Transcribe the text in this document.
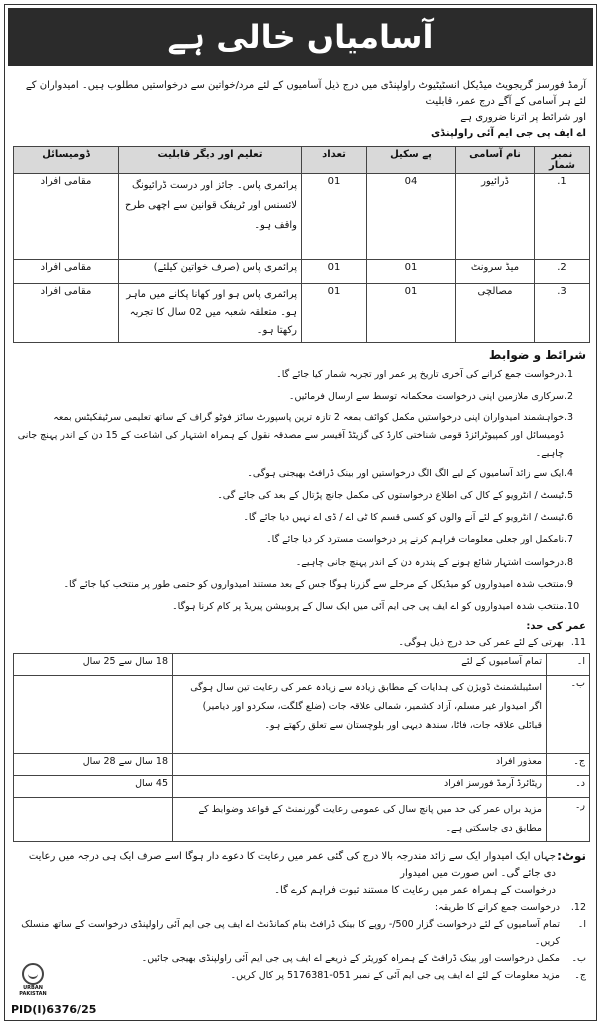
آسامیاں خالی ہے
آرمڈ فورسز گریجویٹ میڈیکل انسٹیٹیوٹ راولپنڈی میں درج ذیل آسامیوں کے لئے مرد/خواتین سے درخواستیں مطلوب ہیں۔ امیدواران کے لئے ہر آسامی کے آگے درج عمر، قابلیت
اور شرائط پر اترنا ضروری ہے
اے ایف پی جی ایم آئی راولپنڈی
نمبر شمار	نام آسامی	پے سکیل	تعداد	تعلیم اور دیگر قابلیت	ڈومیسائل
1.	ڈرائیور	04	01	پرائمری پاس۔ جائز اور درست ڈرائیونگ لائسنس اور ٹریفک قوانین سے اچھی طرح واقف ہو۔	مقامی افراد
2.	میڈ سرونٹ	01	01	پرائمری پاس (صرف خواتین کیلئے)	مقامی افراد
3.	مصالچی	01	01	پرائمری پاس ہو اور کھانا پکانے میں ماہر ہو۔ متعلقہ شعبہ میں 02 سال کا تجربہ رکھتا ہو۔	مقامی افراد
شرائط و ضوابط
1.
درخواست جمع کرانے کی آخری تاریخ پر عمر اور تجربہ شمار کیا جائے گا۔
2.
سرکاری ملازمین اپنی درخواست محکمانہ توسط سے ارسال فرمائیں۔
3.
خواہشمند امیدواران اپنی درخواستیں مکمل کوائف بمعہ 2 تازہ ترین پاسپورٹ سائز فوٹو گراف کے ساتھ تعلیمی سرٹیفکیٹس بمعہ ڈومیسائل اور کمپیوٹرائزڈ قومی شناختی کارڈ کی گزیٹڈ آفیسر سے مصدقہ نقول کے ہمراہ اشتہار کی اشاعت کے 15 دن کے اندر پہنچ جانی چاہیے۔
4.
ایک سے زائد آسامیوں کے لیے الگ الگ درخواستیں اور بینک ڈرافٹ بھیجنی ہوگی۔
5.
ٹیسٹ / انٹرویو کے کال کی اطلاع درخواستوں کی مکمل جانچ پڑتال کے بعد کی جائے گی۔
6.
ٹیسٹ / انٹرویو کے لئے آنے والوں کو کسی قسم کا ٹی اے / ڈی اے نہیں دیا جائے گا۔
7.
نامکمل اور جعلی معلومات فراہم کرنے پر درخواست مسترد کر دیا جائے گا۔
8.
درخواست اشتہار شائع ہونے کے پندرہ دن کے اندر پہنچ جانی چاہیے۔
9.
منتخب شدہ امیدواروں کو میڈیکل کے مرحلے سے گزرنا ہوگا جس کے بعد مستند امیدواروں کو حتمی طور پر منتخب کیا جائے گا۔
10.
منتخب شدہ امیدواروں کو اے ایف پی جی ایم آئی میں ایک سال کے پروبیشن پیریڈ پر کام کرنا ہوگا۔
عمر کی حد:
11.
بھرتی کے لئے عمر کی حد درج ذیل ہوگی۔
ا۔	تمام آسامیوں کے لئے	18 سال سے 25 سال
ب۔	اسٹیبلشمنٹ ڈویژن کی ہدایات کے مطابق زیادہ سے زیادہ عمر کی رعایت تین سال ہوگی اگر امیدوار غیر مسلم، آزاد کشمیر، شمالی علاقہ جات (ضلع گلگت، سکردو اور دیامیر) قبائلی علاقہ جات، فاٹا، سندھ دیہی اور بلوچستان سے تعلق رکھتے ہو۔	
ج۔	معذور افراد	18 سال سے 28 سال
د۔	ریٹائرڈ آرمڈ فورسز افراد	45 سال
ر۔	مزید براں عمر کی حد میں پانچ سال کی عمومی رعایت گورنمنٹ کے قواعد وضوابط کے مطابق دی جاسکتی ہے۔	
نوٹ:
جہاں ایک امیدوار ایک سے زائد مندرجہ بالا درج کی گئی عمر میں رعایت کا دعوے دار ہوگا اسے صرف ایک ہی درجہ میں رعایت دی جائے گی۔ اس صورت میں امیدوار
درخواست کے ہمراہ عمر میں رعایت کا مستند ثبوت فراہم کرے گا۔
12.
درخواست جمع کرانے کا طریقہ:
ا۔
تمام آسامیوں کے لئے درخواست گزار 500/- روپے کا بینک ڈرافٹ بنام کمانڈنٹ اے ایف پی جی ایم آئی راولپنڈی درخواست کے ساتھ منسلک کریں۔
ب۔
مکمل درخواست اور بینک ڈرافٹ کے ہمراہ کوریئر کے ذریعے اے ایف پی جی ایم آئی راولپنڈی بھیجی جائیں۔
ج۔
مزید معلومات کے لئے اے ایف پی جی ایم آئی کے نمبر 051-5176381 پر کال کریں۔
URBAN PAKISTAN
PID(I)6376/25
